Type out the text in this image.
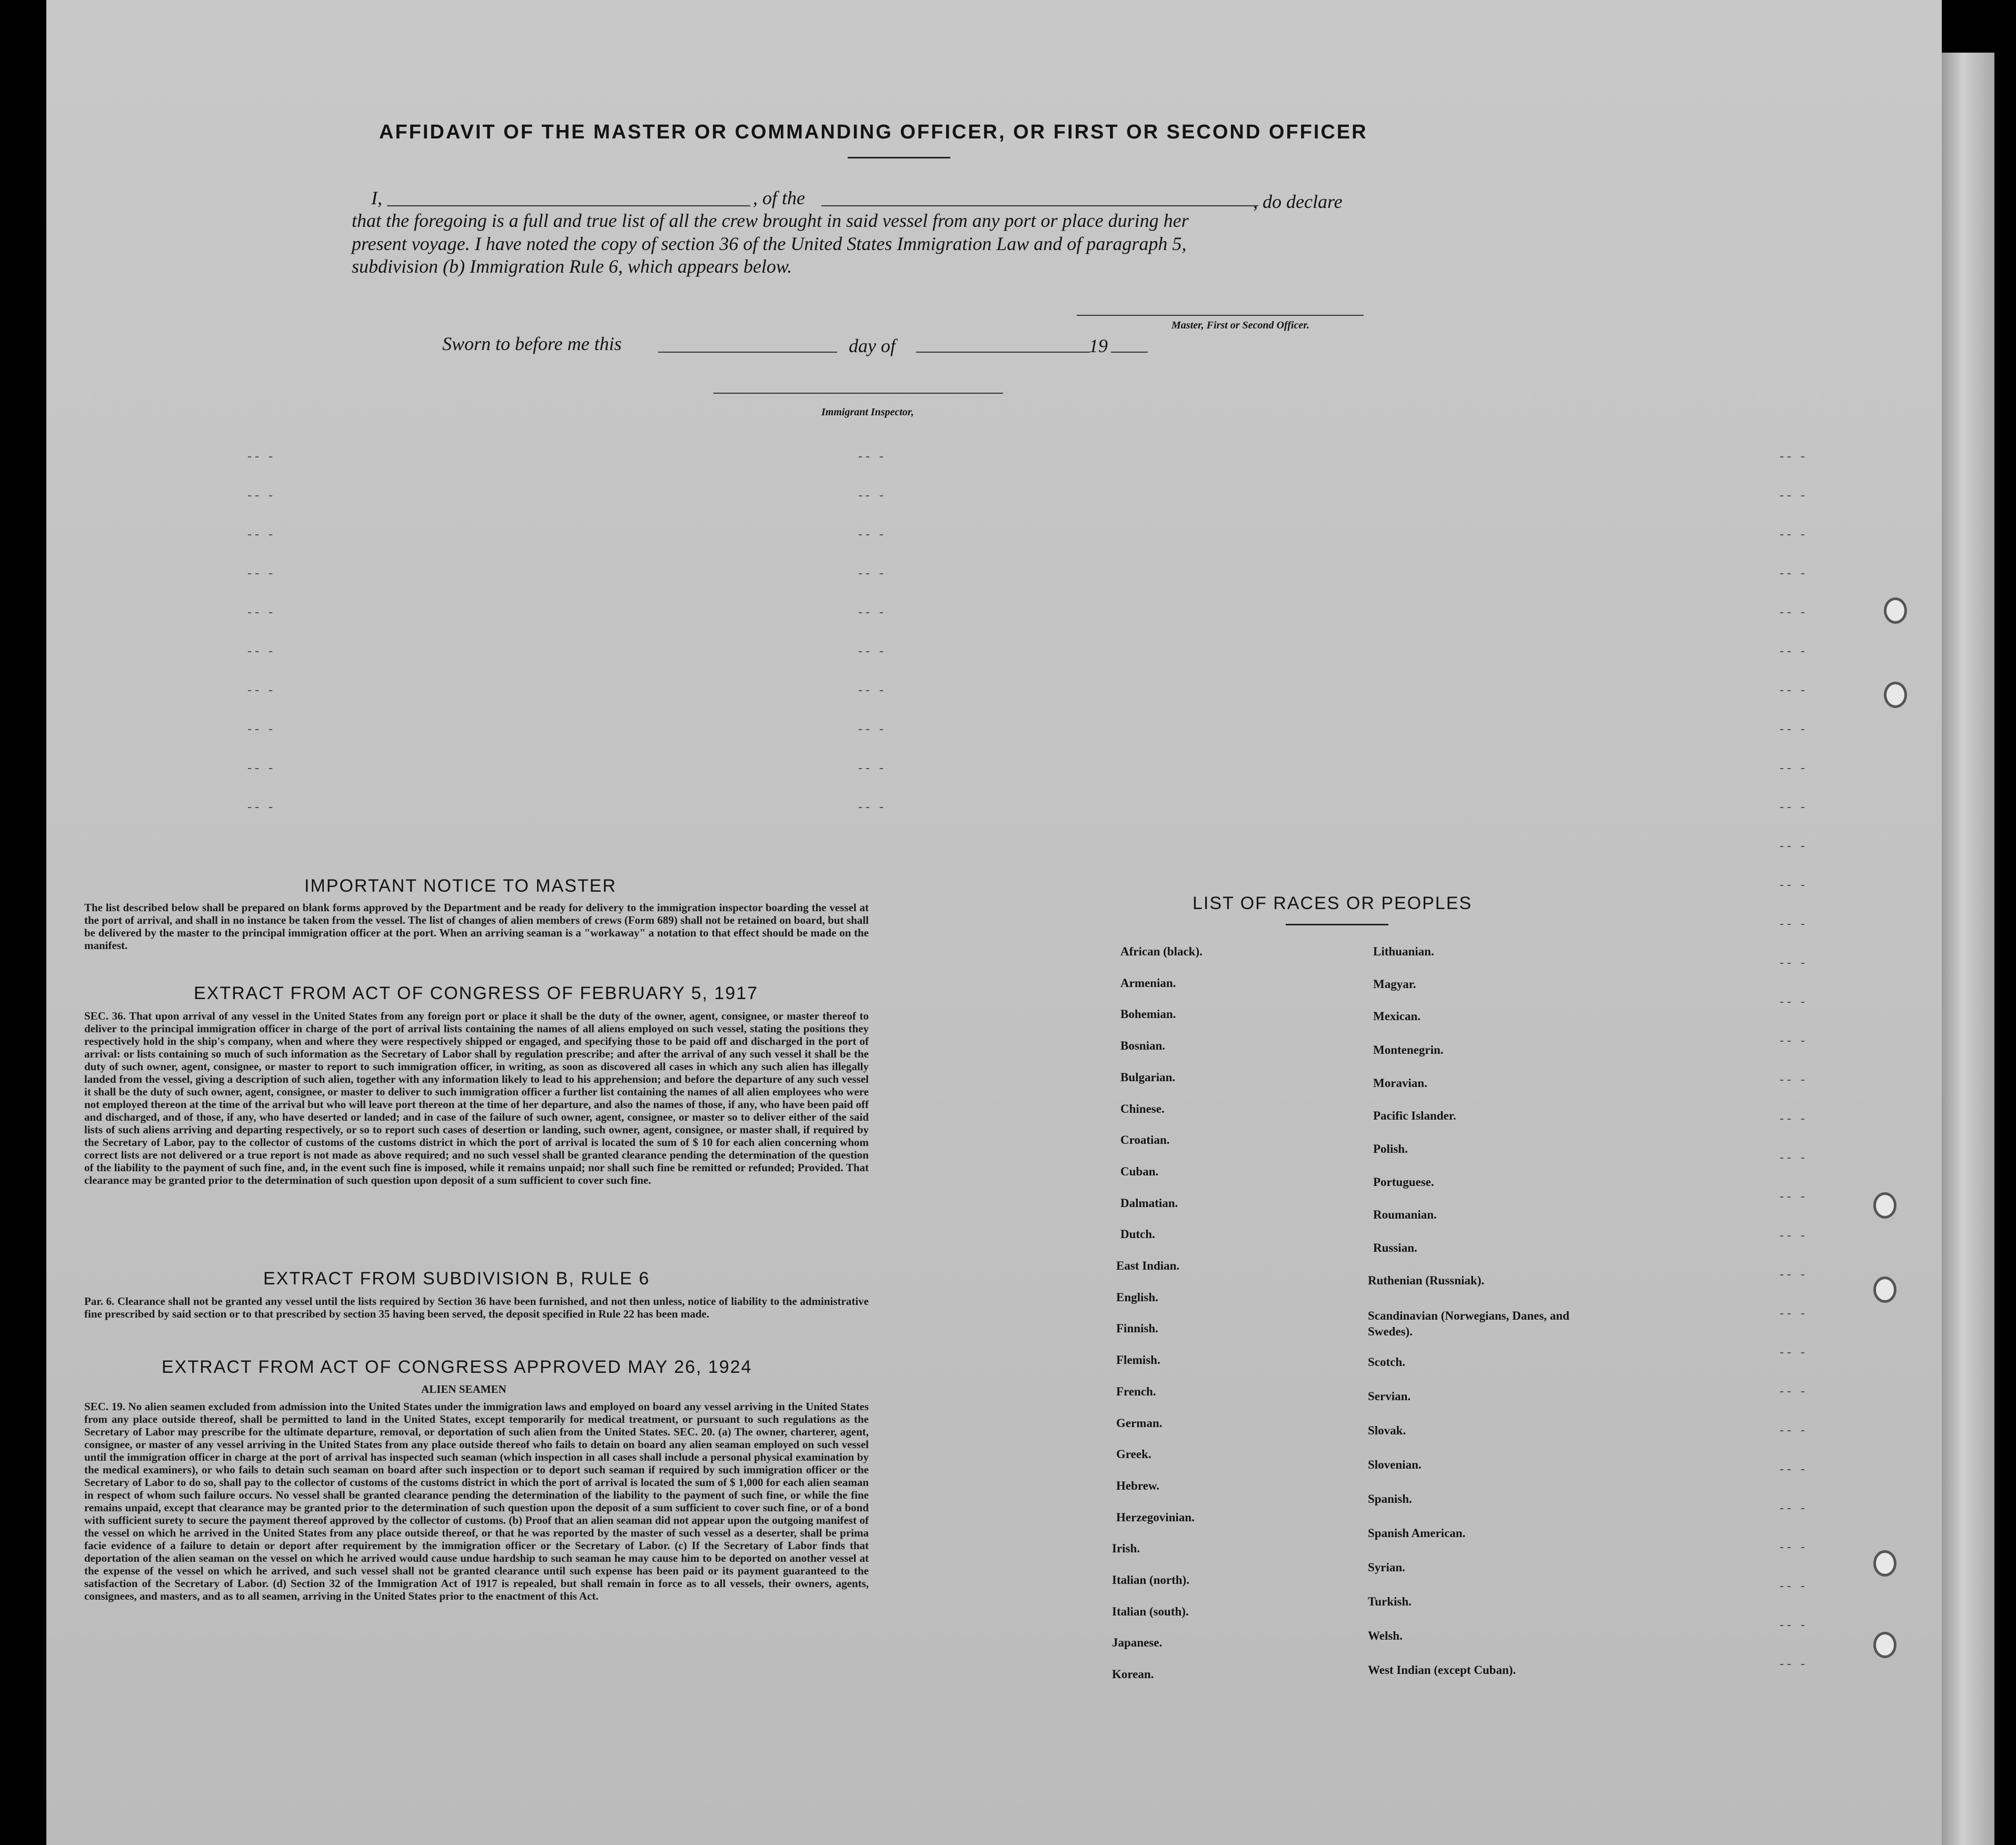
AFFIDAVIT OF THE MASTER OR COMMANDING OFFICER, OR FIRST OR SECOND OFFICER
I,	, of the	, do declare
that the foregoing is a full and true list of all the crew brought in said vessel from any port or place during her
present voyage. I have noted the copy of section 36 of the United States Immigration Law and of paragraph 5,
subdivision (b) Immigration Rule 6, which appears below.
Master, First or Second Officer.
Sworn to before me this	day of	19
Immigrant Inspector,
-- -
-- -
-- -
-- -
-- -
-- -
-- -
-- -
-- -
-- -
-- -
-- -
-- -
-- -
-- -
-- -
-- -
-- -
-- -
-- -
-- -
-- -
-- -
-- -
-- -
-- -
-- -
-- -
-- -
-- -
-- -
-- -
-- -
-- -
-- -
-- -
-- -
-- -
-- -
-- -
-- -
-- -
-- -
-- -
-- -
-- -
-- -
-- -
-- -
-- -
-- -
-- -
IMPORTANT NOTICE TO MASTER
The list described below shall be prepared on blank forms approved by the Department and be ready for delivery to the immigration inspector boarding the vessel at the port of arrival, and shall in no instance be taken from the vessel. The list of changes of alien members of crews (Form 689) shall not be retained on board, but shall be delivered by the master to the principal immigration officer at the port. When an arriving seaman is a "workaway" a notation to that effect should be made on the manifest.
EXTRACT FROM ACT OF CONGRESS OF FEBRUARY 5, 1917
SEC. 36. That upon arrival of any vessel in the United States from any foreign port or place it shall be the duty of the owner, agent, consignee, or master thereof to deliver to the principal immigration officer in charge of the port of arrival lists containing the names of all aliens employed on such vessel, stating the positions they respectively hold in the ship's company, when and where they were respectively shipped or engaged, and specifying those to be paid off and discharged in the port of arrival: or lists containing so much of such information as the Secretary of Labor shall by regulation prescribe; and after the arrival of any such vessel it shall be the duty of such owner, agent, consignee, or master to report to such immigration officer, in writing, as soon as discovered all cases in which any such alien has illegally landed from the vessel, giving a description of such alien, together with any information likely to lead to his apprehension; and before the departure of any such vessel it shall be the duty of such owner, agent, consignee, or master to deliver to such immigration officer a further list containing the names of all alien employees who were not employed thereon at the time of the arrival but who will leave port thereon at the time of her departure, and also the names of those, if any, who have been paid off and discharged, and of those, if any, who have deserted or landed; and in case of the failure of such owner, agent, consignee, or master so to deliver either of the said lists of such aliens arriving and departing respectively, or so to report such cases of desertion or landing, such owner, agent, consignee, or master shall, if required by the Secretary of Labor, pay to the collector of customs of the customs district in which the port of arrival is located the sum of $ 10 for each alien concerning whom correct lists are not delivered or a true report is not made as above required; and no such vessel shall be granted clearance pending the determination of the question of the liability to the payment of such fine, and, in the event such fine is imposed, while it remains unpaid; nor shall such fine be remitted or refunded; Provided. That clearance may be granted prior to the determination of such question upon deposit of a sum sufficient to cover such fine.
EXTRACT FROM SUBDIVISION B, RULE 6
Par. 6. Clearance shall not be granted any vessel until the lists required by Section 36 have been furnished, and not then unless, notice of liability to the administrative fine prescribed by said section or to that prescribed by section 35 having been served, the deposit specified in Rule 22 has been made.
EXTRACT FROM ACT OF CONGRESS APPROVED MAY 26, 1924
ALIEN SEAMEN
SEC. 19. No alien seamen excluded from admission into the United States under the immigration laws and employed on board any vessel arriving in the United States from any place outside thereof, shall be permitted to land in the United States, except temporarily for medical treatment, or pursuant to such regulations as the Secretary of Labor may prescribe for the ultimate departure, removal, or deportation of such alien from the United States. SEC. 20. (a) The owner, charterer, agent, consignee, or master of any vessel arriving in the United States from any place outside thereof who fails to detain on board any alien seaman employed on such vessel until the immigration officer in charge at the port of arrival has inspected such seaman (which inspection in all cases shall include a personal physical examination by the medical examiners), or who fails to detain such seaman on board after such inspection or to deport such seaman if required by such immigration officer or the Secretary of Labor to do so, shall pay to the collector of customs of the customs district in which the port of arrival is located the sum of $ 1,000 for each alien seaman in respect of whom such failure occurs. No vessel shall be granted clearance pending the determination of the liability to the payment of such fine, or while the fine remains unpaid, except that clearance may be granted prior to the determination of such question upon the deposit of a sum sufficient to cover such fine, or of a bond with sufficient surety to secure the payment thereof approved by the collector of customs. (b) Proof that an alien seaman did not appear upon the outgoing manifest of the vessel on which he arrived in the United States from any place outside thereof, or that he was reported by the master of such vessel as a deserter, shall be prima facie evidence of a failure to detain or deport after requirement by the immigration officer or the Secretary of Labor. (c) If the Secretary of Labor finds that deportation of the alien seaman on the vessel on which he arrived would cause undue hardship to such seaman he may cause him to be deported on another vessel at the expense of the vessel on which he arrived, and such vessel shall not be granted clearance until such expense has been paid or its payment guaranteed to the satisfaction of the Secretary of Labor. (d) Section 32 of the Immigration Act of 1917 is repealed, but shall remain in force as to all vessels, their owners, agents, consignees, and masters, and as to all seamen, arriving in the United States prior to the enactment of this Act.
LIST OF RACES OR PEOPLES
African (black).
Armenian.
Bohemian.
Bosnian.
Bulgarian.
Chinese.
Croatian.
Cuban.
Dalmatian.
Dutch.
East Indian.
English.
Finnish.
Flemish.
French.
German.
Greek.
Hebrew.
Herzegovinian.
Irish.
Italian (north).
Italian (south).
Japanese.
Korean.
Lithuanian.
Magyar.
Mexican.
Montenegrin.
Moravian.
Pacific Islander.
Polish.
Portuguese.
Roumanian.
Russian.
Ruthenian (Russniak).
Scandinavian (Norwegians, Danes, and Swedes).
Scotch.
Servian.
Slovak.
Slovenian.
Spanish.
Spanish American.
Syrian.
Turkish.
Welsh.
West Indian (except Cuban).
